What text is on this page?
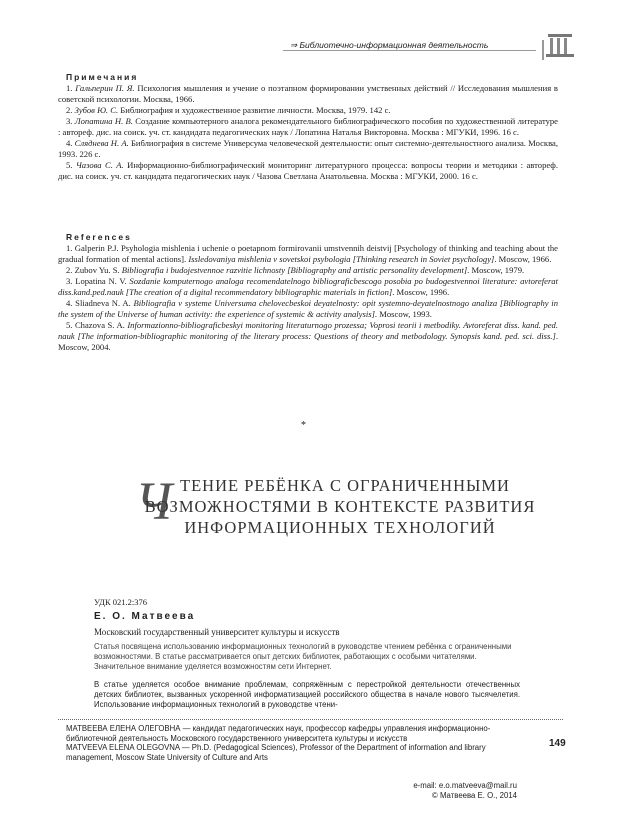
⇒ Библиотечно-информационная деятельность
Примечания

1. Гальперин П. Я. Психология мышления и учение о поэтапном формировании умственных действий // Исследования мышления в советской психологии. Москва, 1966.

2. Зубов Ю. С. Библиография и художественное развитие личности. Москва, 1979. 142 с.

3. Лопатина Н. В. Создание компьютерного аналога рекомендательного библиографического пособия по художественной литературе : автореф. дис. на соиск. уч. ст. кандидата педагогических наук / Лопатина Наталья Викторовна. Москва : МГУКИ, 1996. 16 с.

4. Сляднева Н. А. Библиография в системе Универсума человеческой деятельности: опыт системно-деятельностного анализа. Москва, 1993. 226 с.

5. Чазова С. А. Информационно-библиографический мониторинг литературного процесса: вопросы теории и методики : автореф. дис. на соиск. уч. ст. кандидата педагогических наук / Чазова Светлана Анатольевна. Москва : МГУКИ, 2000. 16 с.

References

1. Galperin P.J. Psyhologia mishlenia i uchenie o poetapnom formirovanii umstvennih deistvij [Psychology of thinking and teaching about the gradual formation of mental actions]. Issledovaniya mishlenia v sovetskoi psybologia [Thinking research in Soviet psychology]. Moscow, 1966.

2. Zubov Yu. S. Bibliografia i budojestvennoe razvitie lichnosty [Bibliography and artistic personality development]. Moscow, 1979.

3. Lopatina N. V. Sozdanie komputernogo analoga recomendatelnogo bibliograficbescogo posobia po budogestvennoi literature: avtoreferat diss.kand.ped.nauk [The creation of a digital recommendatory bibliographic materials in fiction]. Moscow, 1996.

4. Sliadneva N. A. Bibliografia v systeme Universuma chelovecbeskoi deyatelnosty: opit systemno-deyatelnostnogo analiza [Bibliography in the system of the Universe of human activity: the experience of systemic & activity analysis]. Moscow, 1993.

5. Chazova S. A. Informazionno-bibliograficbeskyi monitoring literaturnogo prozessa; Voprosi teorii i metbodiky. Avtoreferat diss. kand. ped. nauk [The information-bibliographic monitoring of the literary process: Questions of theory and metbodology. Synopsis kand. ped. sci. diss.]. Moscow, 2004.

*
Ч ТЕНИЕ РЕБЁНКА С ОГРАНИЧЕННЫМИ
ВОЗМОЖНОСТЯМИ В КОНТЕКСТЕ РАЗВИТИЯ
ИНФОРМАЦИОННЫХ ТЕХНОЛОГИЙ
УДК 021.2:376
Е. О. Матвеева
Московский государственный университет культуры и искусств
Статья посвящена использованию информационных технологий в руководстве чтением ребёнка с ограниченными возможностями. В статье рассматривается опыт детских библиотек, работающих с особыми читателями. Значительное внимание уделяется возможностям сети Интернет.

В статье уделяется особое внимание проблемам, сопряжённым с перестройкой деятельности отечественных детских библиотек, вызванных ускоренной информатизацией российского общества в начале нового тысячелетия. Использование информационных технологий в руководстве чтени-

МАТВЕЕВА ЕЛЕНА ОЛЕГОВНА — кандидат педагогических наук, профессор кафедры управления информационно-библиотечной деятельность Московского государственного университета культуры и искусств

MATVEEVA ELENA OLEGOVNA — Ph.D. (Pedagogical Sciences), Professor of the Department of information and library management, Moscow State University of Culture and Arts

149
e-mail: e.o.matveeva@mail.ru
© Матвеева Е. О., 2014
